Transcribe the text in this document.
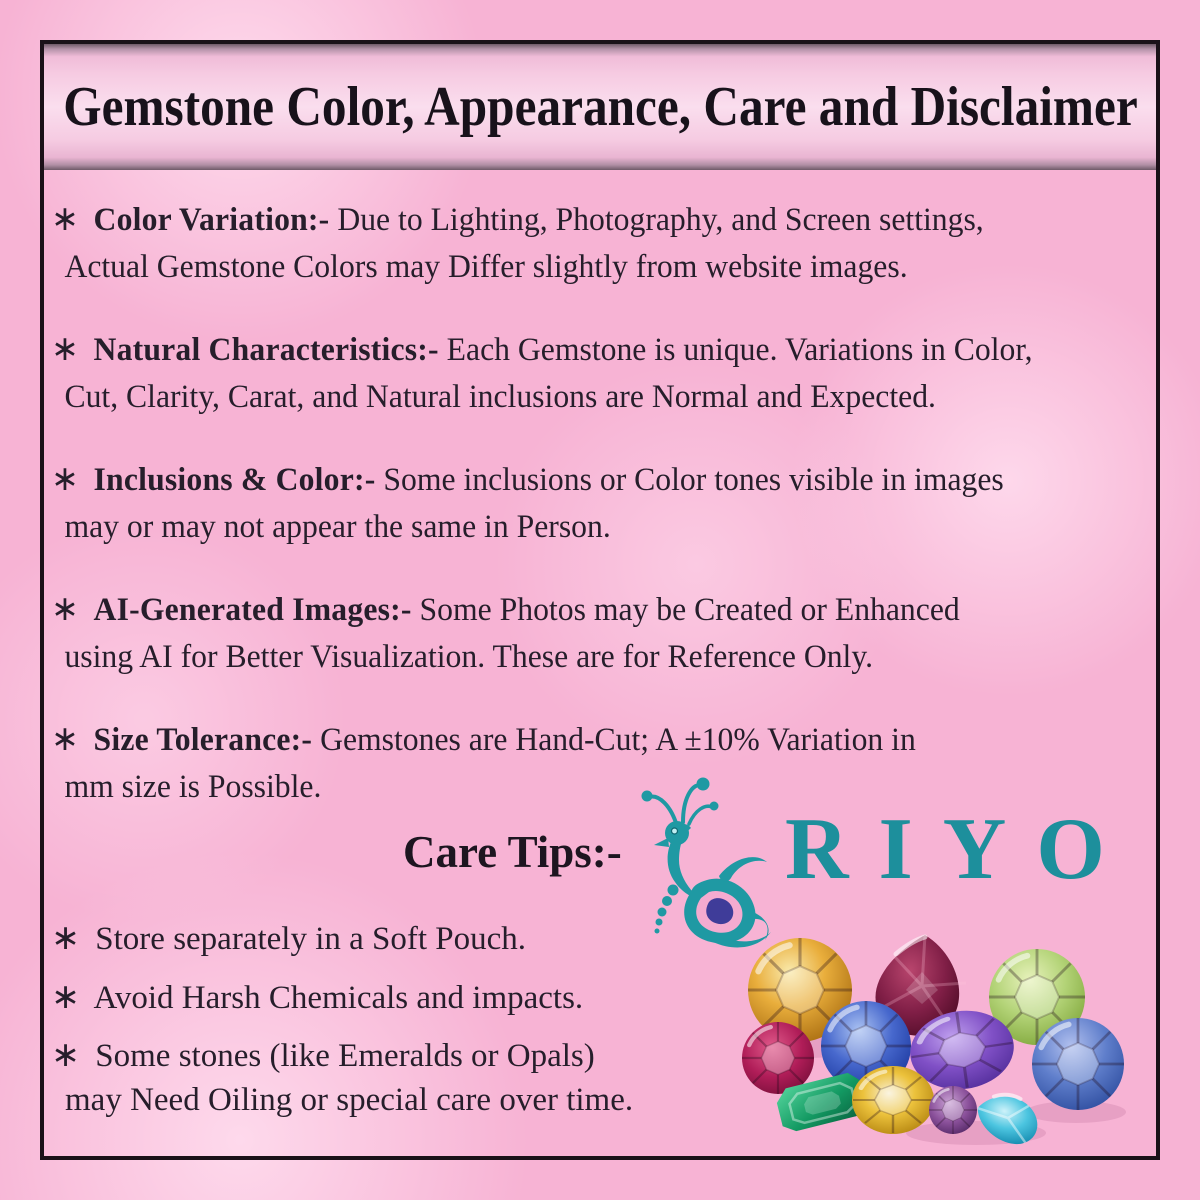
Gemstone Color, Appearance, Care and Disclaimer
∗ Color Variation:- Due to Lighting, Photography, and Screen settings,
Actual Gemstone Colors may Differ slightly from website images.
∗ Natural Characteristics:- Each Gemstone is unique. Variations in Color,
Cut, Clarity, Carat, and Natural inclusions are Normal and Expected.
∗ Inclusions & Color:- Some inclusions or Color tones visible in images
may or may not appear the same in Person.
∗ AI-Generated Images:- Some Photos may be Created or Enhanced
using AI for Better Visualization. These are for Reference Only.
∗ Size Tolerance:- Gemstones are Hand-Cut; A ±10% Variation in
mm size is Possible.
Care Tips:- RIYO
∗ Store separately in a Soft Pouch.
∗ Avoid Harsh Chemicals and impacts.
∗ Some stones (like Emeralds or Opals)
may Need Oiling or special care over time.
